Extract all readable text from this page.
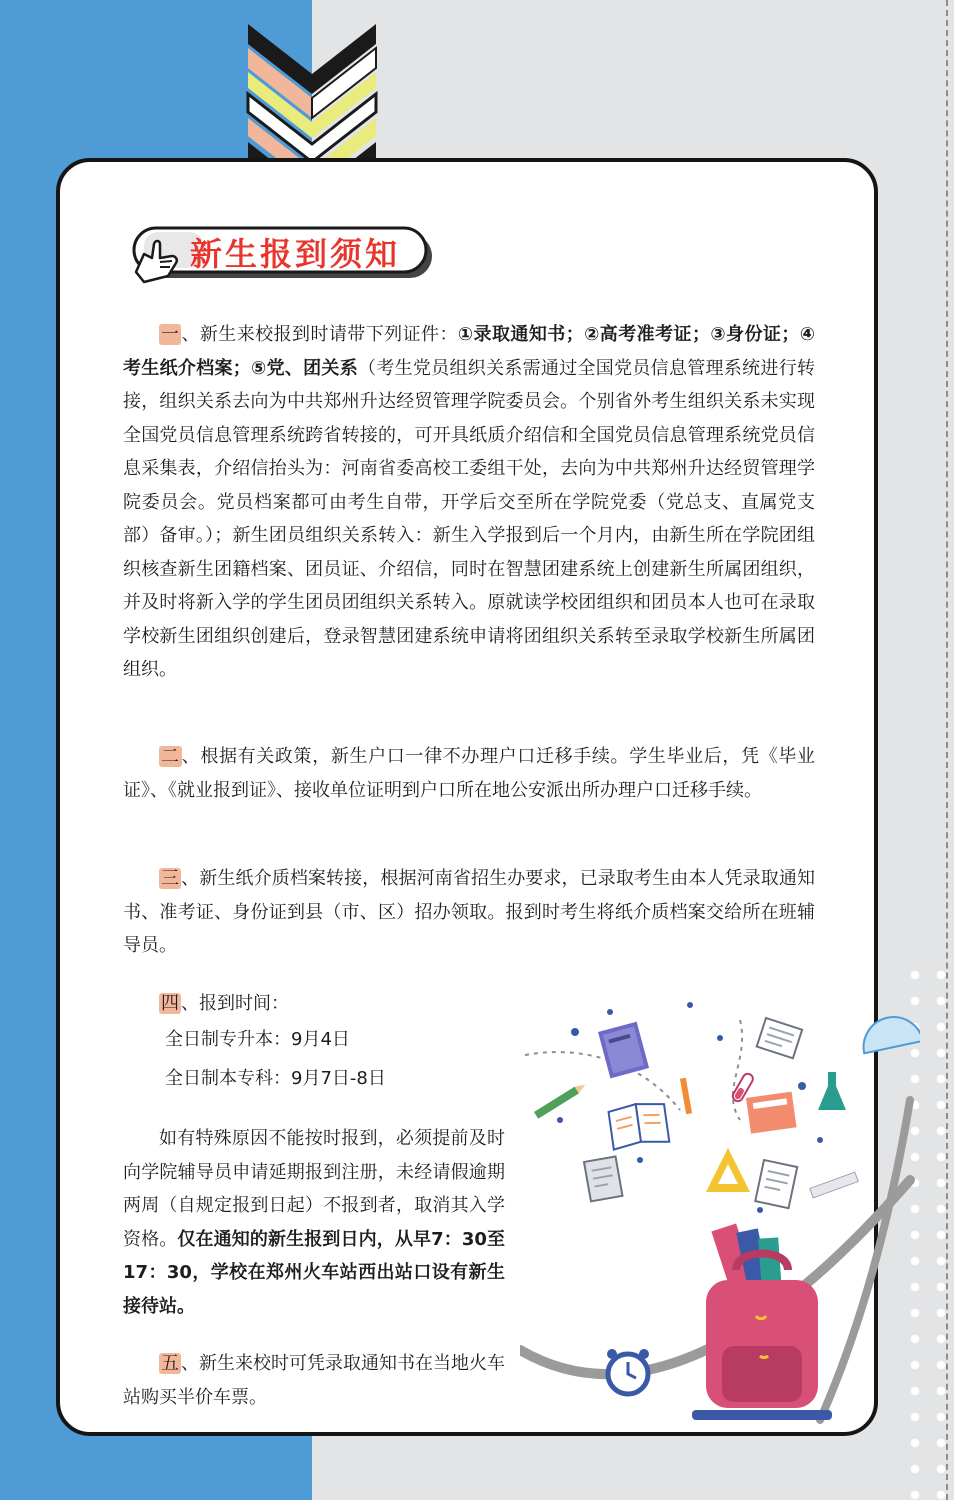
新生报到须知

一 、新生来校报到时请带下列证件：①录取通知书；②高考准考证；③身份证；④考生纸介档案；⑤党、团关系（考生党员组织关系需通过全国党员信息管理系统进行转接，组织关系去向为中共郑州升达经贸管理学院委员会。个别省外考生组织关系未实现全国党员信息管理系统跨省转接的，可开具纸质介绍信和全国党员信息管理系统党员信息采集表，介绍信抬头为：河南省委高校工委组干处，去向为中共郑州升达经贸管理学院委员会。党员档案都可由考生自带，开学后交至所在学院党委（党总支、直属党支部）备审。）；新生团员组织关系转入：新生入学报到后一个月内，由新生所在学院团组织核查新生团籍档案、团员证、介绍信，同时在智慧团建系统上创建新生所属团组织，并及时将新入学的学生团员团组织关系转入。原就读学校团组织和团员本人也可在录取学校新生团组织创建后，登录智慧团建系统申请将团组织关系转至录取学校新生所属团组织。

二 、根据有关政策，新生户口一律不办理户口迁移手续。学生毕业后，凭《毕业证》、《就业报到证》、接收单位证明到户口所在地公安派出所办理户口迁移手续。

三 、新生纸介质档案转接，根据河南省招生办要求，已录取考生由本人凭录取通知书、准考证、身份证到县（市、区）招办领取。报到时考生将纸介质档案交给所在班辅导员。

四 、报到时间：

全日制专升本：9月4日

全日制本专科：9月7日-8日

如有特殊原因不能按时报到，必须提前及时向学院辅导员申请延期报到注册，未经请假逾期两周（自规定报到日起）不报到者，取消其入学资格。仅在通知的新生报到日内，从早7：30至17：30，学校在郑州火车站西出站口设有新生接待站。

五 、新生来校时可凭录取通知书在当地火车站购买半价车票。
